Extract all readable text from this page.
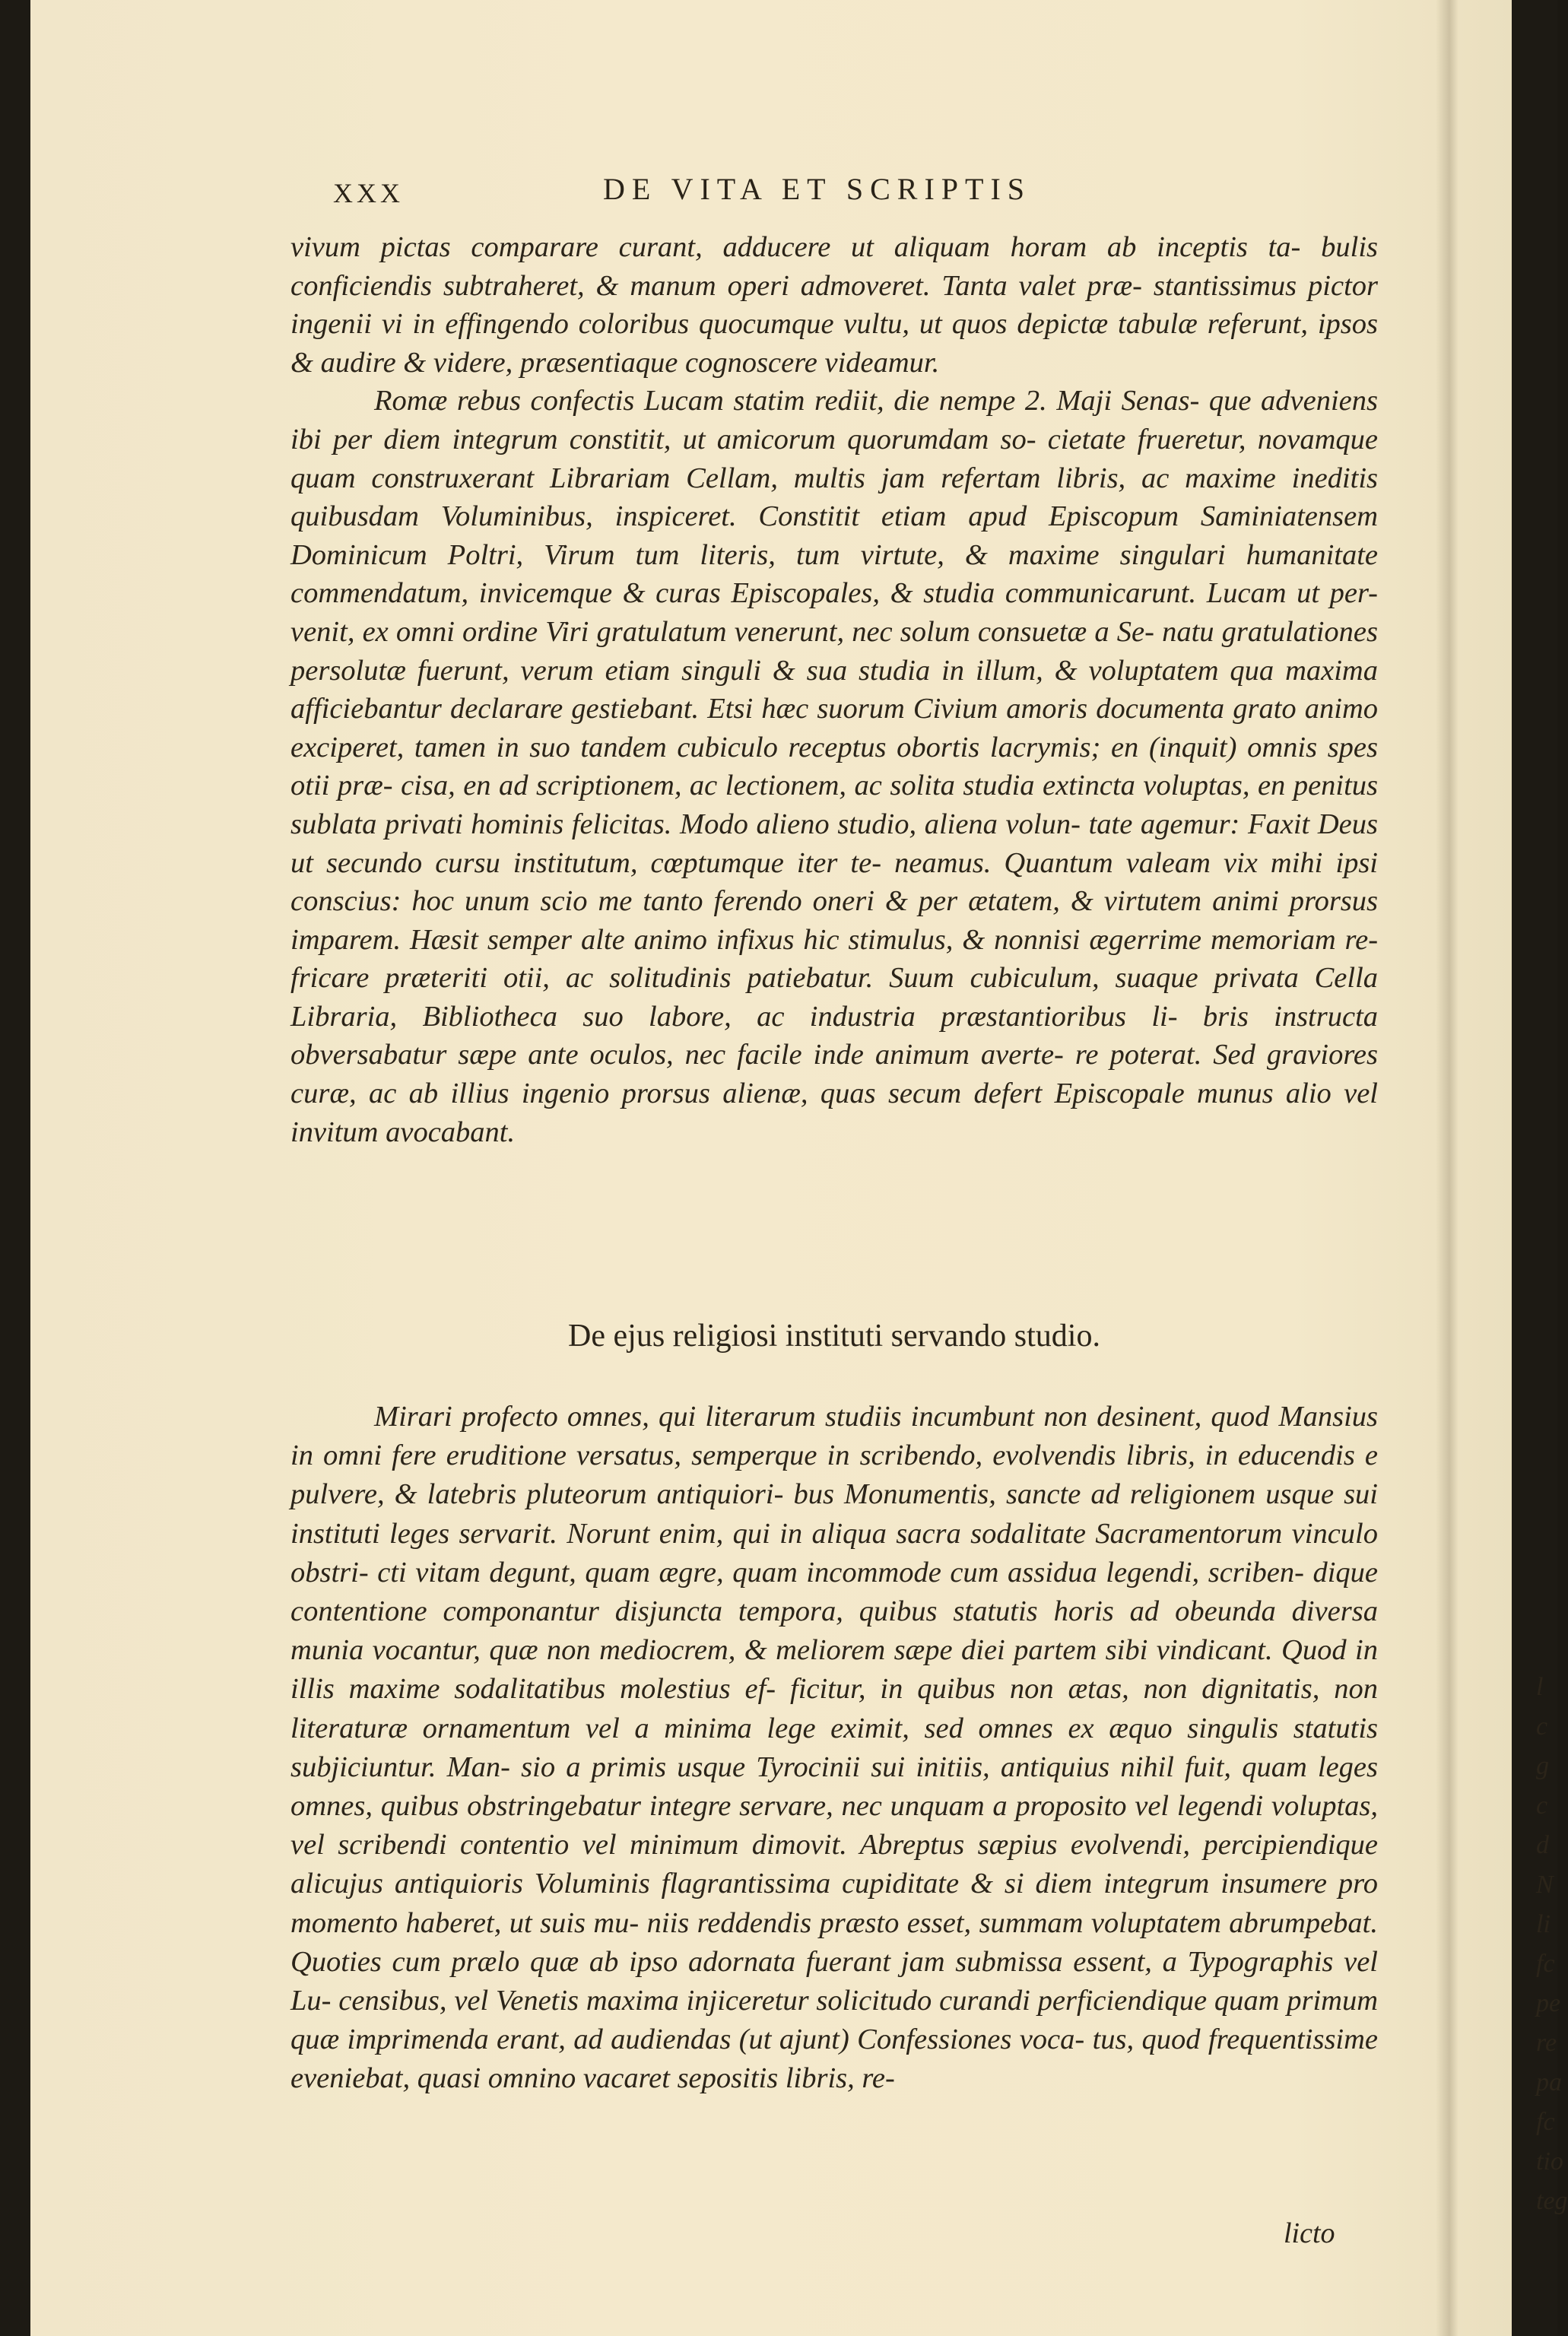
XXX	DE VITA ET SCRIPTIS

vivum pictas comparare curant, adducere ut aliquam horam ab inceptis ta- bulis conficiendis subtraheret, & manum operi admoveret. Tanta valet præ- stantissimus pictor ingenii vi in effingendo coloribus quocumque vultu, ut quos depictæ tabulæ referunt, ipsos & audire & videre, præsentiaque cognoscere videamur.

Romæ rebus confectis Lucam statim rediit, die nempe 2. Maji Senas- que adveniens ibi per diem integrum constitit, ut amicorum quorumdam so- cietate frueretur, novamque quam construxerant Librariam Cellam, multis jam refertam libris, ac maxime ineditis quibusdam Voluminibus, inspiceret. Constitit etiam apud Episcopum Saminiatensem Dominicum Poltri, Virum tum literis, tum virtute, & maxime singulari humanitate commendatum, invicemque & curas Episcopales, & studia communicarunt. Lucam ut per- venit, ex omni ordine Viri gratulatum venerunt, nec solum consuetæ a Se- natu gratulationes persolutæ fuerunt, verum etiam singuli & sua studia in illum, & voluptatem qua maxima afficiebantur declarare gestiebant. Etsi hæc suorum Civium amoris documenta grato animo exciperet, tamen in suo tandem cubiculo receptus obortis lacrymis; en (inquit) omnis spes otii præ- cisa, en ad scriptionem, ac lectionem, ac solita studia extincta voluptas, en penitus sublata privati hominis felicitas. Modo alieno studio, aliena volun- tate agemur: Faxit Deus ut secundo cursu institutum, cœptumque iter te- neamus. Quantum valeam vix mihi ipsi conscius: hoc unum scio me tanto ferendo oneri & per ætatem, & virtutem animi prorsus imparem. Hæsit semper alte animo infixus hic stimulus, & nonnisi ægerrime memoriam re- fricare præteriti otii, ac solitudinis patiebatur. Suum cubiculum, suaque privata Cella Libraria, Bibliotheca suo labore, ac industria præstantioribus li- bris instructa obversabatur sæpe ante oculos, nec facile inde animum averte- re poterat. Sed graviores curæ, ac ab illius ingenio prorsus alienæ, quas secum defert Episcopale munus alio vel invitum avocabant.

De ejus religiosi instituti servando studio.

Mirari profecto omnes, qui literarum studiis incumbunt non desinent, quod Mansius in omni fere eruditione versatus, semperque in scribendo, evolvendis libris, in educendis e pulvere, & latebris pluteorum antiquiori- bus Monumentis, sancte ad religionem usque sui instituti leges servarit. Norunt enim, qui in aliqua sacra sodalitate Sacramentorum vinculo obstri- cti vitam degunt, quam ægre, quam incommode cum assidua legendi, scriben- dique contentione componantur disjuncta tempora, quibus statutis horis ad obeunda diversa munia vocantur, quæ non mediocrem, & meliorem sæpe diei partem sibi vindicant. Quod in illis maxime sodalitatibus molestius ef- ficitur, in quibus non ætas, non dignitatis, non literaturæ ornamentum vel a minima lege eximit, sed omnes ex æquo singulis statutis subjiciuntur. Man- sio a primis usque Tyrocinii sui initiis, antiquius nihil fuit, quam leges omnes, quibus obstringebatur integre servare, nec unquam a proposito vel legendi voluptas, vel scribendi contentio vel minimum dimovit. Abreptus sæpius evolvendi, percipiendique alicujus antiquioris Voluminis flagrantissima cupiditate & si diem integrum insumere pro momento haberet, ut suis mu- niis reddendis præsto esset, summam voluptatem abrumpebat. Quoties cum prælo quæ ab ipso adornata fuerant jam submissa essent, a Typographis vel Lu- censibus, vel Venetis maxima injiceretur solicitudo curandi perficiendique quam primum quæ imprimenda erant, ad audiendas (ut ajunt) Confessiones voca- tus, quod frequentissime eveniebat, quasi omnino vacaret sepositis libris, re-

licto
l
c
g
c
d
N
li
fc
pe
re
pa
fc
tio
teg
